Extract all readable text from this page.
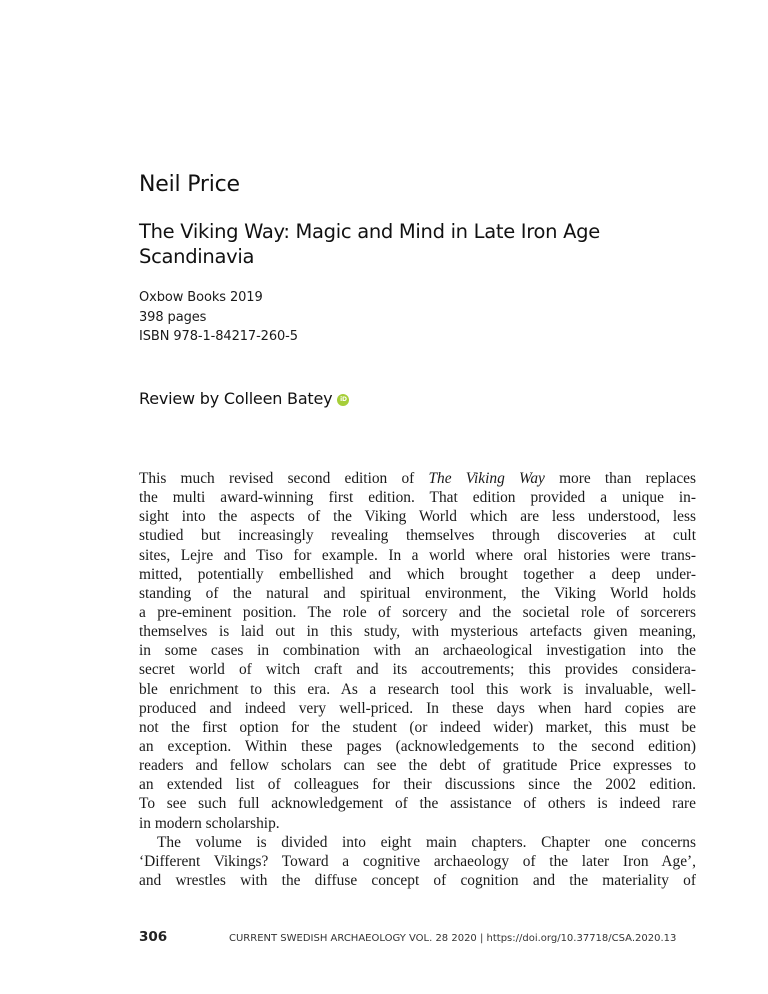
Neil Price
The Viking Way: Magic and Mind in Late Iron Age Scandinavia
Oxbow Books 2019
398 pages
ISBN 978-1-84217-260-5
Review by Colleen Batey	iD
This much revised second edition of The Viking Way more than replaces
the multi award-winning first edition. That edition provided a unique in-
sight into the aspects of the Viking World which are less understood, less
studied but increasingly revealing themselves through discoveries at cult
sites, Lejre and Tiso for example. In a world where oral histories were trans-
mitted, potentially embellished and which brought together a deep under-
standing of the natural and spiritual environment, the Viking World holds
a pre-eminent position. The role of sorcery and the societal role of sorcerers
themselves is laid out in this study, with mysterious artefacts given meaning,
in some cases in combination with an archaeological investigation into the
secret world of witch craft and its accoutrements; this provides considera-
ble enrichment to this era. As a research tool this work is invaluable, well-
produced and indeed very well-priced. In these days when hard copies are
not the first option for the student (or indeed wider) market, this must be
an exception. Within these pages (acknowledgements to the second edition)
readers and fellow scholars can see the debt of gratitude Price expresses to
an extended list of colleagues for their discussions since the 2002 edition.
To see such full acknowledgement of the assistance of others is indeed rare
in modern scholarship.
The volume is divided into eight main chapters. Chapter one concerns
‘Different Vikings? Toward a cognitive archaeology of the later Iron Age’,
and wrestles with the diffuse concept of cognition and the materiality of
306	CURRENT SWEDISH ARCHAEOLOGY VOL. 28 2020 | https://doi.org/10.37718/CSA.2020.13
